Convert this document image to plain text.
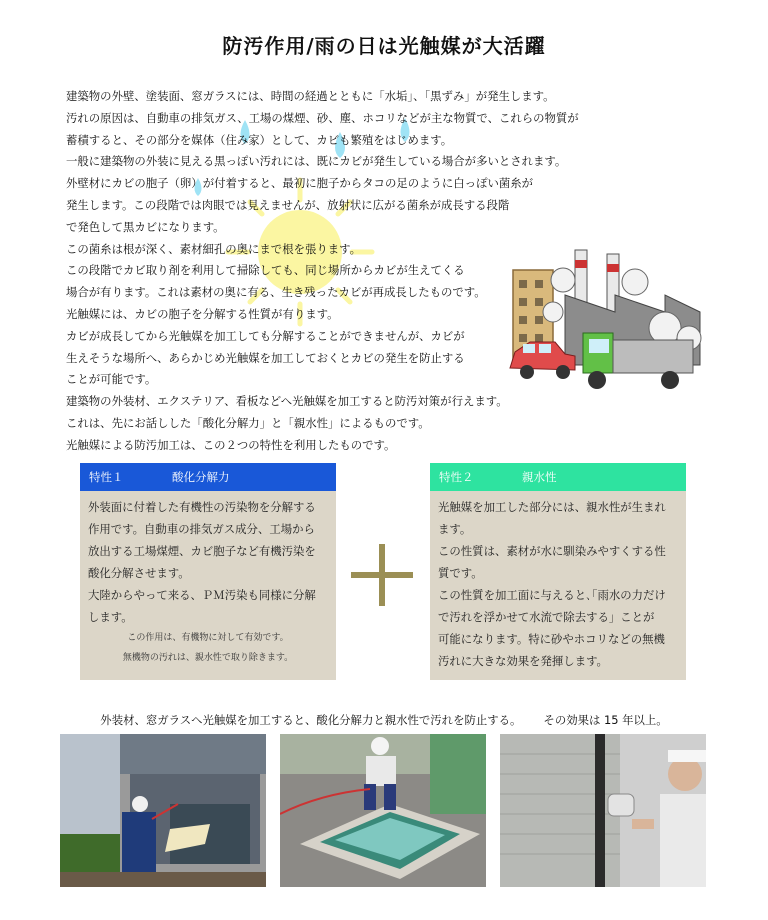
防汚作用/雨の日は光触媒が大活躍
建築物の外壁、塗装面、窓ガラスには、時間の経過とともに「水垢」、「黒ずみ」が発生します。
汚れの原因は、自動車の排気ガス、工場の煤煙、砂、塵、ホコリなどが主な物質で、これらの物質が
蓄積すると、その部分を媒体（住み家）として、カビも繁殖をはじめます。
一般に建築物の外装に見える黒っぽい汚れには、既にカビが発生している場合が多いとされます。
外壁材にカビの胞子（卵）が付着すると、最初に胞子からタコの足のように白っぽい菌糸が
発生します。この段階では肉眼では見えませんが、放射状に広がる菌糸が成長する段階
で発色して黒カビになります。
この菌糸は根が深く、素材細孔の奥にまで根を張ります。
この段階でカビ取り剤を利用して掃除しても、同じ場所からカビが生えてくる
場合が有ります。これは素材の奥に有る、生き残ったカビが再成長したものです。
光触媒には、カビの胞子を分解する性質が有ります。
カビが成長してから光触媒を加工しても分解することができませんが、カビが
生えそうな場所へ、あらかじめ光触媒を加工しておくとカビの発生を防止する
ことが可能です。
建築物の外装材、エクステリア、看板などへ光触媒を加工すると防汚対策が行えます。
これは、先にお話しした「酸化分解力」と「親水性」によるものです。
光触媒による防汚加工は、この２つの特性を利用したものです。
特性１	酸化分解力
外装面に付着した有機性の汚染物を分解する
作用です。自動車の排気ガス成分、工場から
放出する工場煤煙、カビ胞子など有機汚染を
酸化分解させます。
大陸からやって来る、ＰＭ汚染も同様に分解
します。
この作用は、有機物に対して有効です。
無機物の汚れは、親水性で取り除きます。
特性２	親水性
光触媒を加工した部分には、親水性が生まれ
ます。
この性質は、素材が水に馴染みやすくする性
質です。
この性質を加工面に与えると､｢雨水の力だけ
で汚れを浮かせて水流で除去する」ことが
可能になります。特に砂やホコリなどの無機
汚れに大きな効果を発揮します。
外装材、窓ガラスへ光触媒を加工すると、酸化分解力と親水性で汚れを防止する。 その効果は 15 年以上。
